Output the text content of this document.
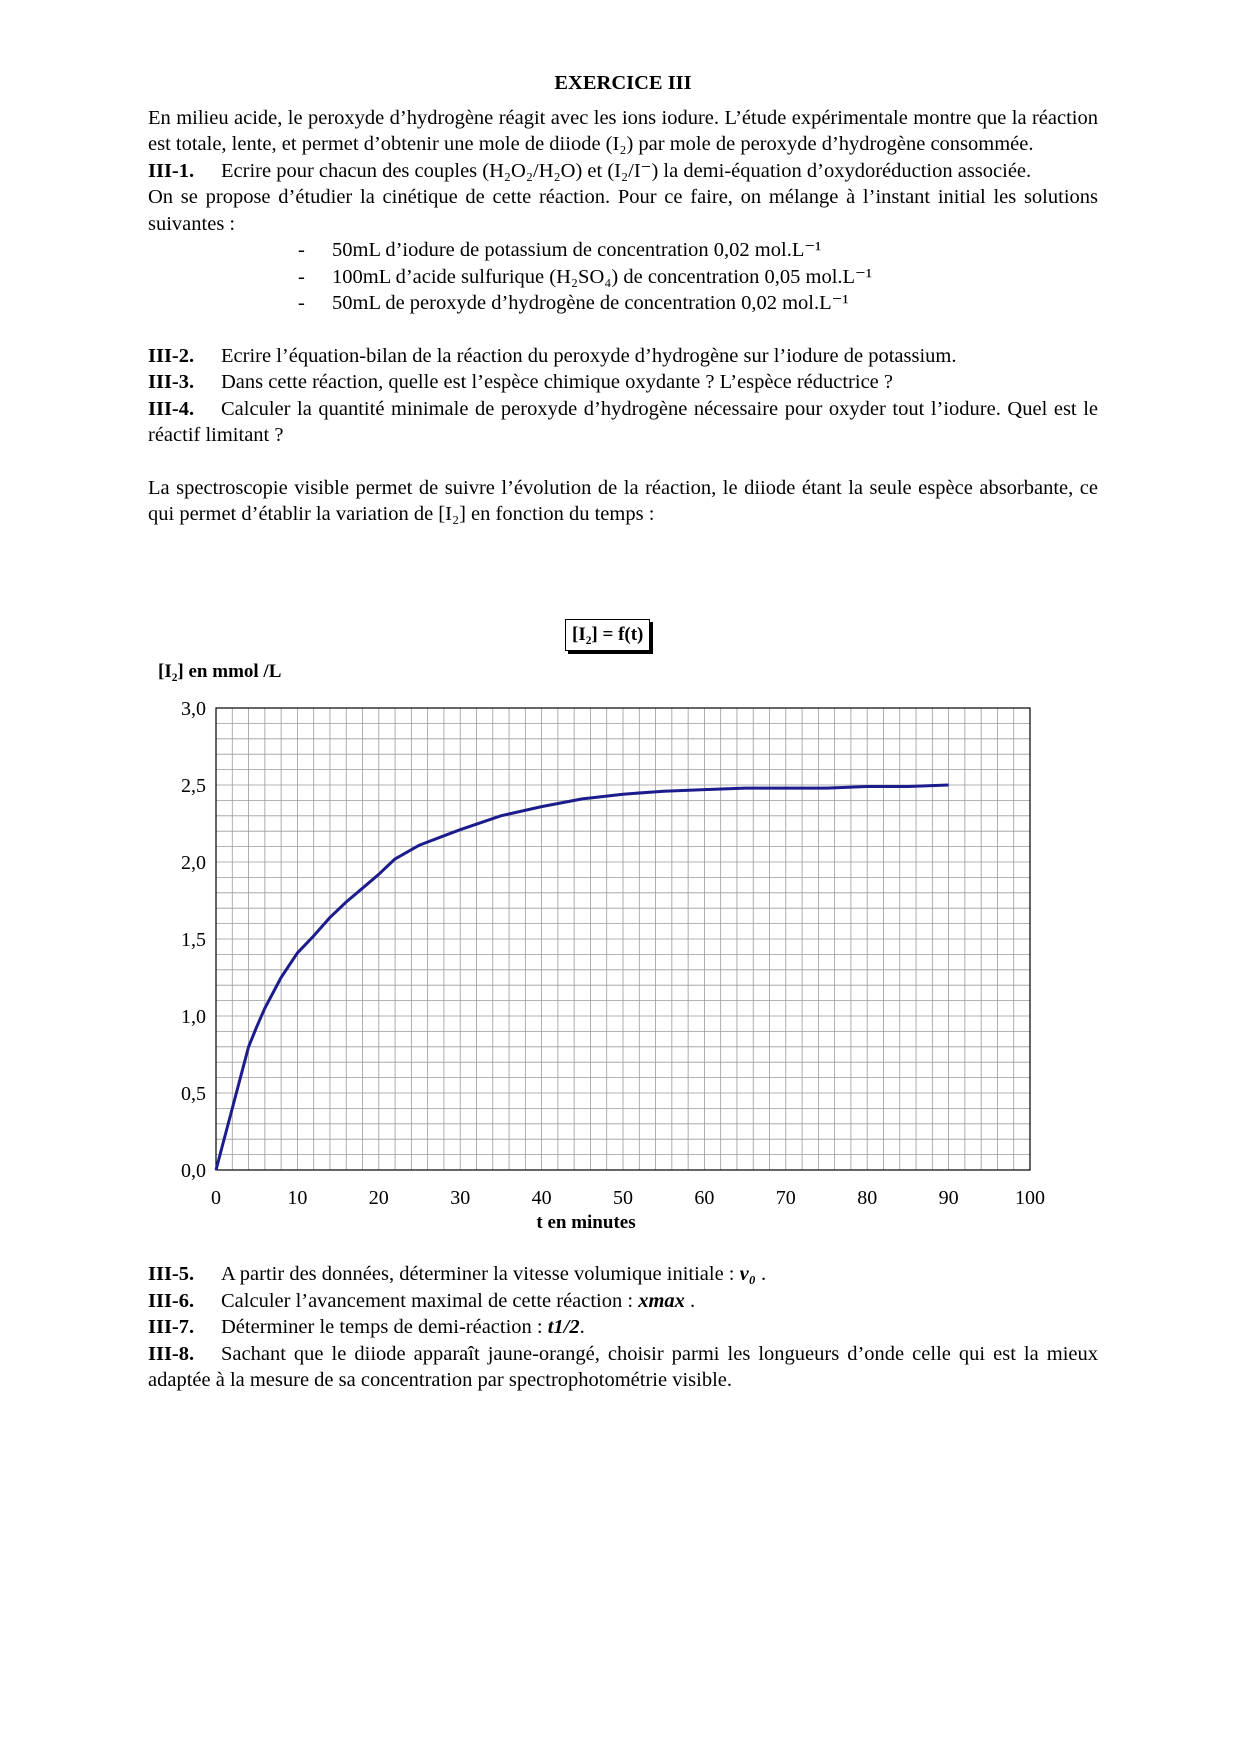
EXERCICE III

En milieu acide, le peroxyde d’hydrogène réagit avec les ions iodure. L’étude expérimentale montre que la réaction est totale, lente, et permet d’obtenir une mole de diiode (I₂) par mole de peroxyde d’hydrogène consommée.

III-1. Ecrire pour chacun des couples (H₂O₂/H₂O) et (I₂/I⁻) la demi-équation d’oxydoréduction associée.

On se propose d’étudier la cinétique de cette réaction. Pour ce faire, on mélange à l’instant initial les solutions suivantes :

-	50mL d’iodure de potassium de concentration 0,02 mol.L⁻¹
-	100mL d’acide sulfurique (H₂SO₄) de concentration 0,05 mol.L⁻¹
-	50mL de peroxyde d’hydrogène de concentration 0,02 mol.L⁻¹

III-2. Ecrire l’équation-bilan de la réaction du peroxyde d’hydrogène sur l’iodure de potassium.

III-3. Dans cette réaction, quelle est l’espèce chimique oxydante ? L’espèce réductrice ?

III-4. Calculer la quantité minimale de peroxyde d’hydrogène nécessaire pour oxyder tout l’iodure. Quel est le réactif limitant ?

La spectroscopie visible permet de suivre l’évolution de la réaction, le diiode étant la seule espèce absorbante, ce qui permet d’établir la variation de [I₂] en fonction du temps :

[I₂] = f(t)
[I₂] en mmol /L
0	10	20	30	40	50	60	70	80	90	100
0,0
0,5
1,0
1,5
2,0
2,5
3,0
t en minutes

III-5. A partir des données, déterminer la vitesse volumique initiale : v₀ .

III-6. Calculer l’avancement maximal de cette réaction : xmax .

III-7. Déterminer le temps de demi-réaction : t1/2.

III-8. Sachant que le diiode apparaît jaune-orangé, choisir parmi les longueurs d’onde celle qui est la mieux adaptée à la mesure de sa concentration par spectrophotométrie visible.
